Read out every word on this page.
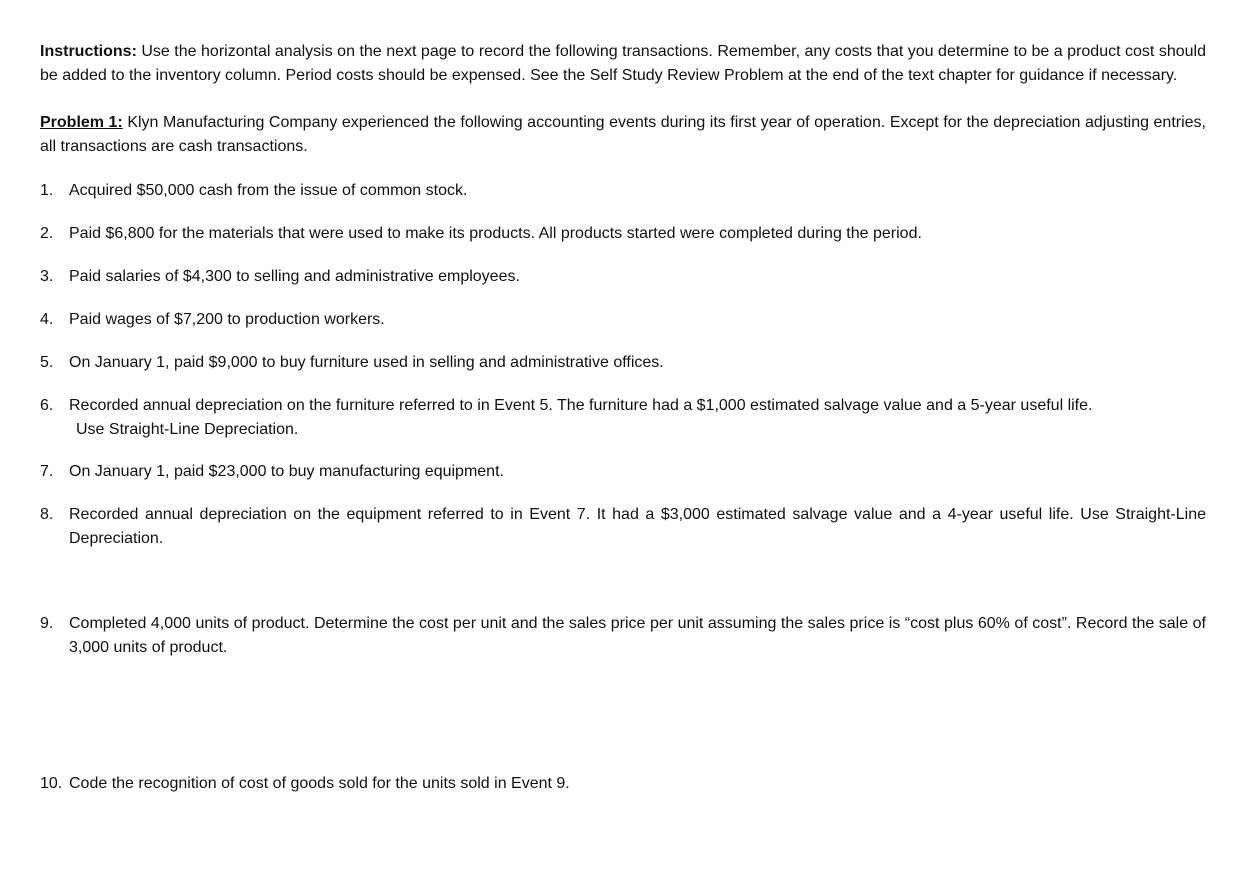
Instructions: Use the horizontal analysis on the next page to record the following transactions. Remember, any costs that you determine to be a product cost should be added to the inventory column. Period costs should be expensed. See the Self Study Review Problem at the end of the text chapter for guidance if necessary.

Problem 1: Klyn Manufacturing Company experienced the following accounting events during its first year of operation. Except for the depreciation adjusting entries, all transactions are cash transactions.

1. Acquired $50,000 cash from the issue of common stock.
2. Paid $6,800 for the materials that were used to make its products. All products started were completed during the period.
3. Paid salaries of $4,300 to selling and administrative employees.
4. Paid wages of $7,200 to production workers.
5. On January 1, paid $9,000 to buy furniture used in selling and administrative offices.
6. Recorded annual depreciation on the furniture referred to in Event 5. The furniture had a $1,000 estimated salvage value and a 5-year useful life.
Use Straight-Line Depreciation.
7. On January 1, paid $23,000 to buy manufacturing equipment.
8. Recorded annual depreciation on the equipment referred to in Event 7. It had a $3,000 estimated salvage value and a 4-year useful life. Use Straight-Line Depreciation.
9. Completed 4,000 units of product. Determine the cost per unit and the sales price per unit assuming the sales price is “cost plus 60% of cost”. Record the sale of 3,000 units of product.
10. Code the recognition of cost of goods sold for the units sold in Event 9.
